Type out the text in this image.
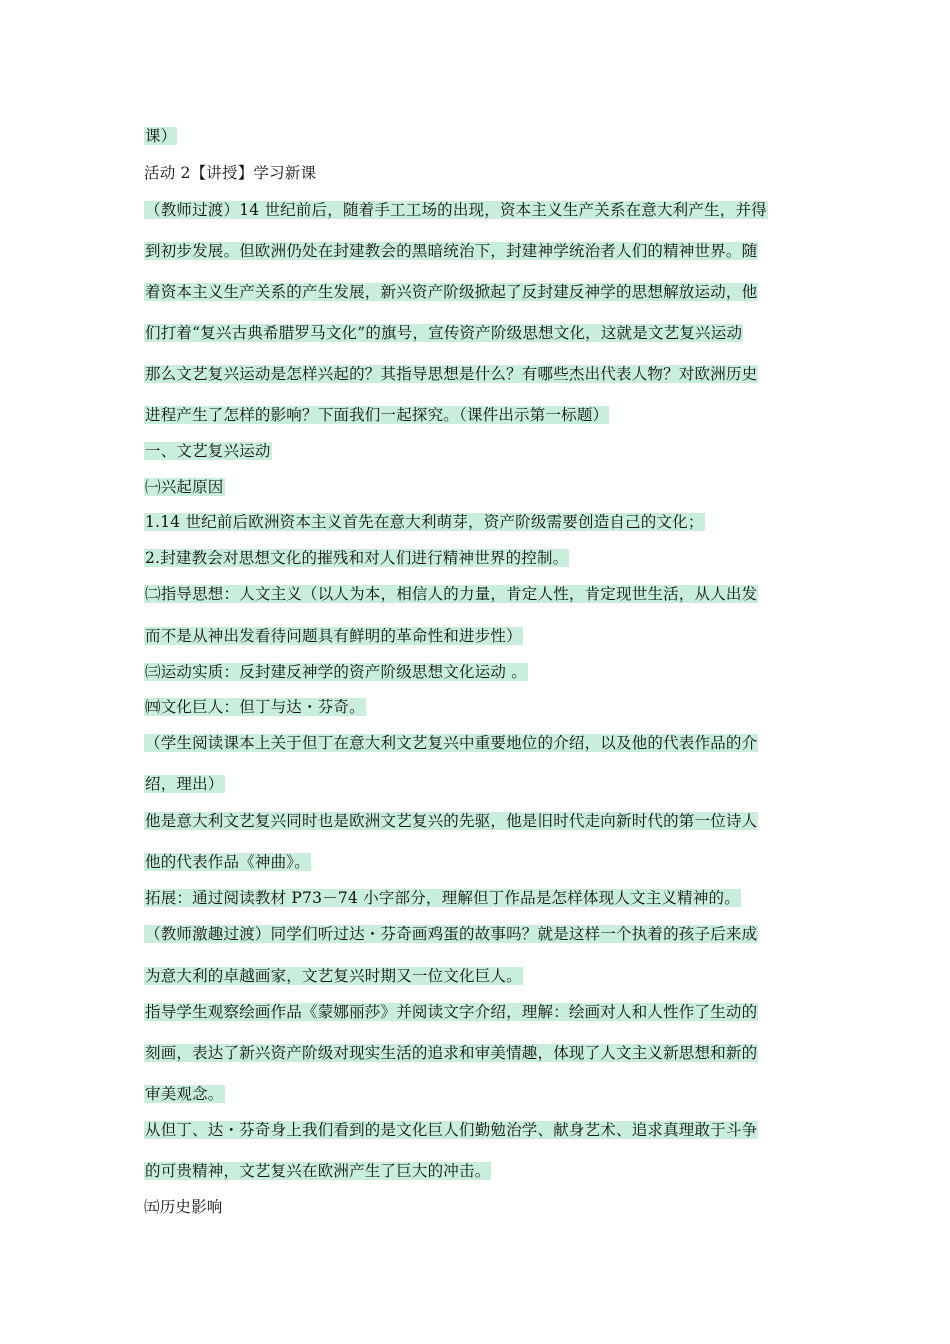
课）
活动 2【讲授】学习新课
（教师过渡）14 世纪前后，随着手工工场的出现，资本主义生产关系在意大利产生，并得
到初步发展。但欧洲仍处在封建教会的黑暗统治下，封建神学统治者人们的精神世界。随
着资本主义生产关系的产生发展，新兴资产阶级掀起了反封建反神学的思想解放运动，他
们打着“复兴古典希腊罗马文化”的旗号，宣传资产阶级思想文化，这就是文艺复兴运动
那么文艺复兴运动是怎样兴起的？其指导思想是什么？有哪些杰出代表人物？对欧洲历史
进程产生了怎样的影响？下面我们一起探究。（课件出示第一标题）
一、文艺复兴运动
㈠兴起原因
1.14 世纪前后欧洲资本主义首先在意大利萌芽，资产阶级需要创造自己的文化；
2.封建教会对思想文化的摧残和对人们进行精神世界的控制。
㈡指导思想：人文主义（以人为本，相信人的力量，肯定人性，肯定现世生活，从人出发
而不是从神出发看待问题具有鲜明的革命性和进步性）
㈢运动实质：反封建反神学的资产阶级思想文化运动 。
㈣文化巨人：但丁与达・芬奇。
（学生阅读课本上关于但丁在意大利文艺复兴中重要地位的介绍，以及他的代表作品的介
绍，理出）
他是意大利文艺复兴同时也是欧洲文艺复兴的先驱，他是旧时代走向新时代的第一位诗人
他的代表作品《神曲》。
拓展：通过阅读教材 P73－74 小字部分，理解但丁作品是怎样体现人文主义精神的。
（教师激趣过渡）同学们听过达・芬奇画鸡蛋的故事吗？就是这样一个执着的孩子后来成
为意大利的卓越画家，文艺复兴时期又一位文化巨人。
指导学生观察绘画作品《蒙娜丽莎》并阅读文字介绍，理解：绘画对人和人性作了生动的
刻画，表达了新兴资产阶级对现实生活的追求和审美情趣，体现了人文主义新思想和新的
审美观念。
从但丁、达・芬奇身上我们看到的是文化巨人们勤勉治学、献身艺术、追求真理敢于斗争
的可贵精神，文艺复兴在欧洲产生了巨大的冲击。
㈤历史影响
